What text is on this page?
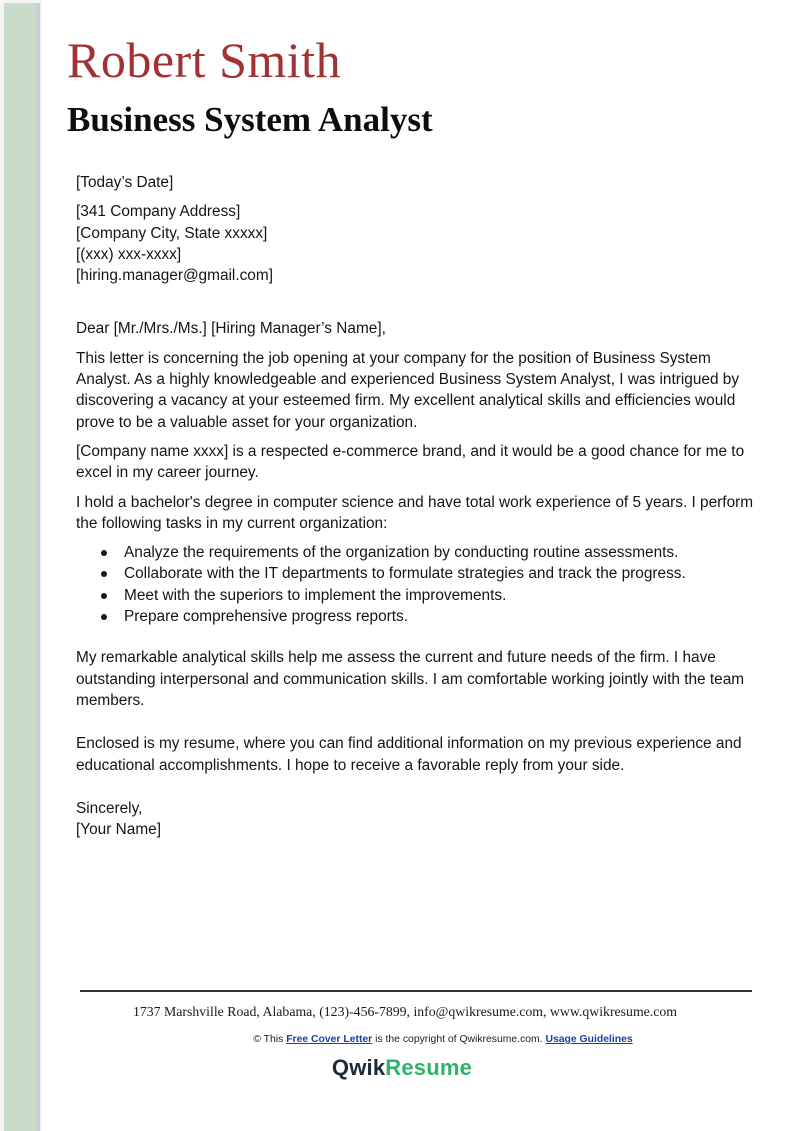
Robert Smith
Business System Analyst

[Today’s Date]

[341 Company Address]
[Company City, State xxxxx]
[(xxx) xxx-xxxx]
[hiring.manager@gmail.com]

Dear [Mr./Mrs./Ms.] [Hiring Manager’s Name],

This letter is concerning the job opening at your company for the position of Business System Analyst. As a highly knowledgeable and experienced Business System Analyst, I was intrigued by discovering a vacancy at your esteemed firm. My excellent analytical skills and efficiencies would prove to be a valuable asset for your organization.

[Company name xxxx] is a respected e-commerce brand, and it would be a good chance for me to excel in my career journey.

I hold a bachelor's degree in computer science and have total work experience of 5 years. I perform the following tasks in my current organization:

Analyze the requirements of the organization by conducting routine assessments.
Collaborate with the IT departments to formulate strategies and track the progress.
Meet with the superiors to implement the improvements.
Prepare comprehensive progress reports.

My remarkable analytical skills help me assess the current and future needs of the firm. I have outstanding interpersonal and communication skills. I am comfortable working jointly with the team members.

Enclosed is my resume, where you can find additional information on my previous experience and educational accomplishments. I hope to receive a favorable reply from your side.

Sincerely,
[Your Name]
1737 Marshville Road, Alabama, (123)-456-7899, info@qwikresume.com, www.qwikresume.com
© This Free Cover Letter is the copyright of Qwikresume.com. Usage Guidelines
QwikResume
